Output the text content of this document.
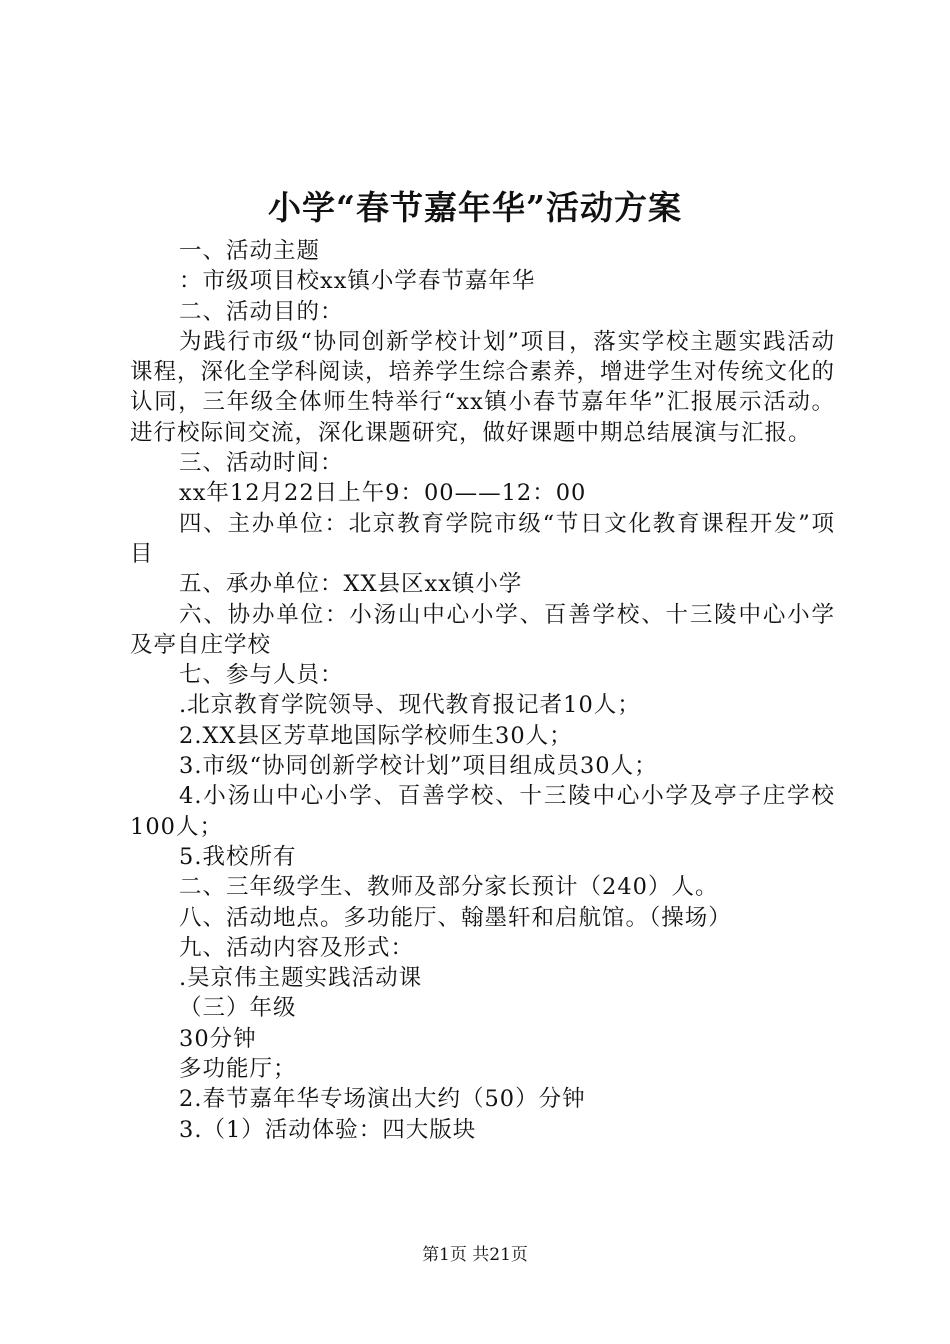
小学“春节嘉年华”活动方案

一、活动主题

：市级项目校xx镇小学春节嘉年华

二、活动目的：

为践行市级“协同创新学校计划”项目，落实学校主题实践活动课程，深化全学科阅读，培养学生综合素养，增进学生对传统文化的认同，三年级全体师生特举行“xx镇小春节嘉年华”汇报展示活动。进行校际间交流，深化课题研究，做好课题中期总结展演与汇报。

三、活动时间：

xx年12月22日上午9：00——12：00

四、主办单位：北京教育学院市级“节日文化教育课程开发”项目

五、承办单位：XX县区xx镇小学

六、协办单位：小汤山中心小学、百善学校、十三陵中心小学及亭自庄学校

七、参与人员：

.北京教育学院领导、现代教育报记者10人；

2.XX县区芳草地国际学校师生30人；

3.市级“协同创新学校计划”项目组成员30人；

4.小汤山中心小学、百善学校、十三陵中心小学及亭子庄学校100人；

5.我校所有

二、三年级学生、教师及部分家长预计（240）人。

八、活动地点。多功能厅、翰墨轩和启航馆。（操场）

九、活动内容及形式：

.吴京伟主题实践活动课

（三）年级

30分钟

多功能厅；

2.春节嘉年华专场演出大约（50）分钟

3.（1）活动体验：四大版块

第1页 共21页
